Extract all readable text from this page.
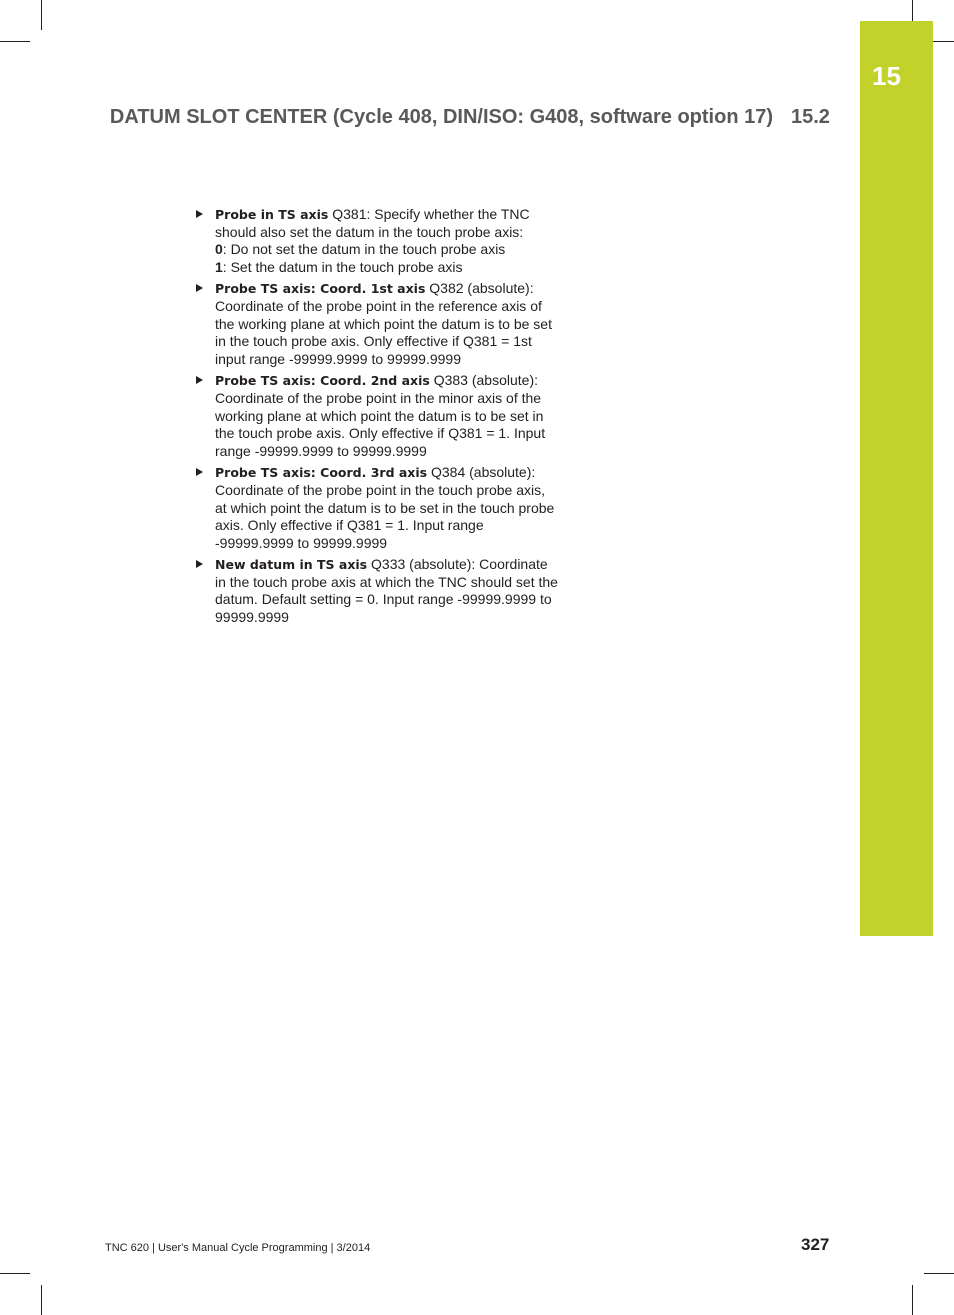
15
DATUM SLOT CENTER (Cycle 408, DIN/ISO: G408, software option 17) 15.2
Probe in TS axis Q381: Specify whether the TNC should also set the datum in the touch probe axis:
0: Do not set the datum in the touch probe axis
1: Set the datum in the touch probe axis
Probe TS axis: Coord. 1st axis Q382 (absolute): Coordinate of the probe point in the reference axis of the working plane at which point the datum is to be set in the touch probe axis. Only effective if Q381 = 1st input range -99999.9999 to 99999.9999
Probe TS axis: Coord. 2nd axis Q383 (absolute): Coordinate of the probe point in the minor axis of the working plane at which point the datum is to be set in the touch probe axis. Only effective if Q381 = 1. Input range -99999.9999 to 99999.9999
Probe TS axis: Coord. 3rd axis Q384 (absolute): Coordinate of the probe point in the touch probe axis, at which point the datum is to be set in the touch probe axis. Only effective if Q381 = 1. Input range -99999.9999 to 99999.9999
New datum in TS axis Q333 (absolute): Coordinate in the touch probe axis at which the TNC should set the datum. Default setting = 0. Input range -99999.9999 to 99999.9999
TNC 620 | User's Manual Cycle Programming | 3/2014	327
